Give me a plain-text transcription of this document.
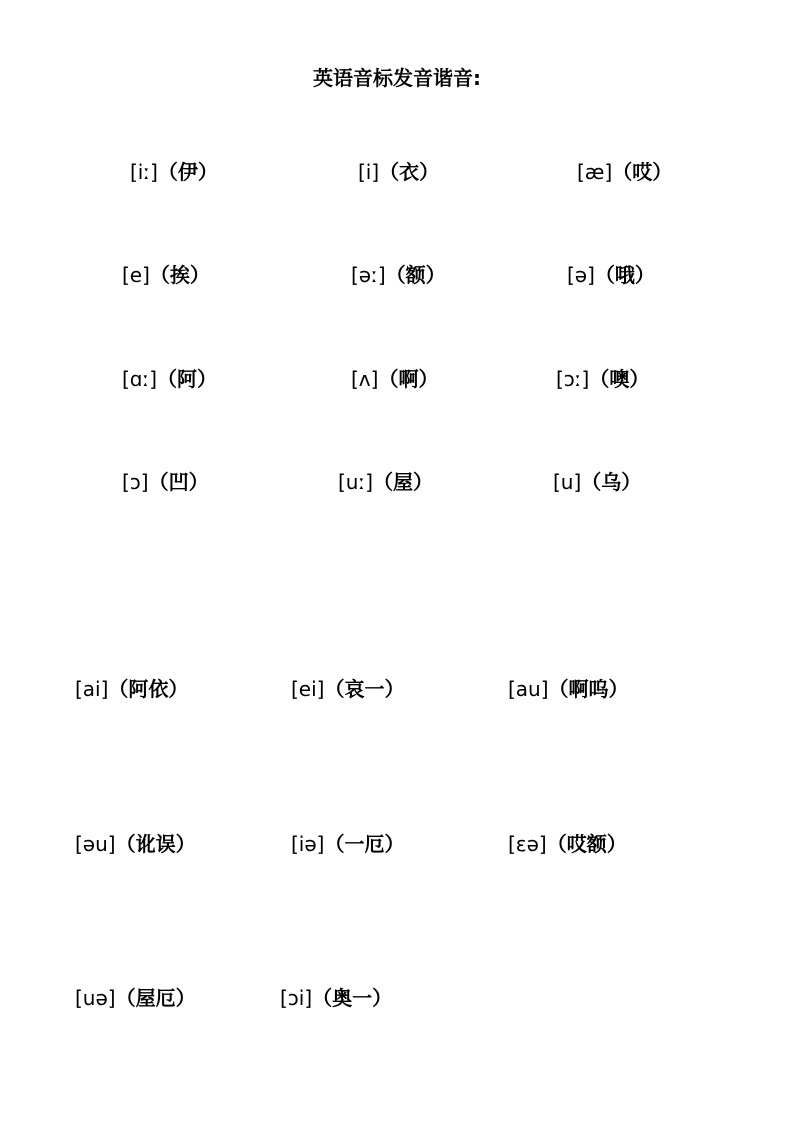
英语音标发音谐音:
[iː]（伊）	[i]（衣）	[æ]（哎）
[e]（挨）	[əː]（额）	[ə]（哦）
[ɑː]（阿）	[ʌ]（啊）	[ɔː]（噢）
[ɔ]（凹）	[uː]（屋）	[u]（乌）
[ai]（阿依）	[ei]（哀一）	[au]（啊呜）
[əu]（讹误）	[iə]（一厄）	[εə]（哎额）
[uə]（屋厄）	[ɔi]（奥一）
